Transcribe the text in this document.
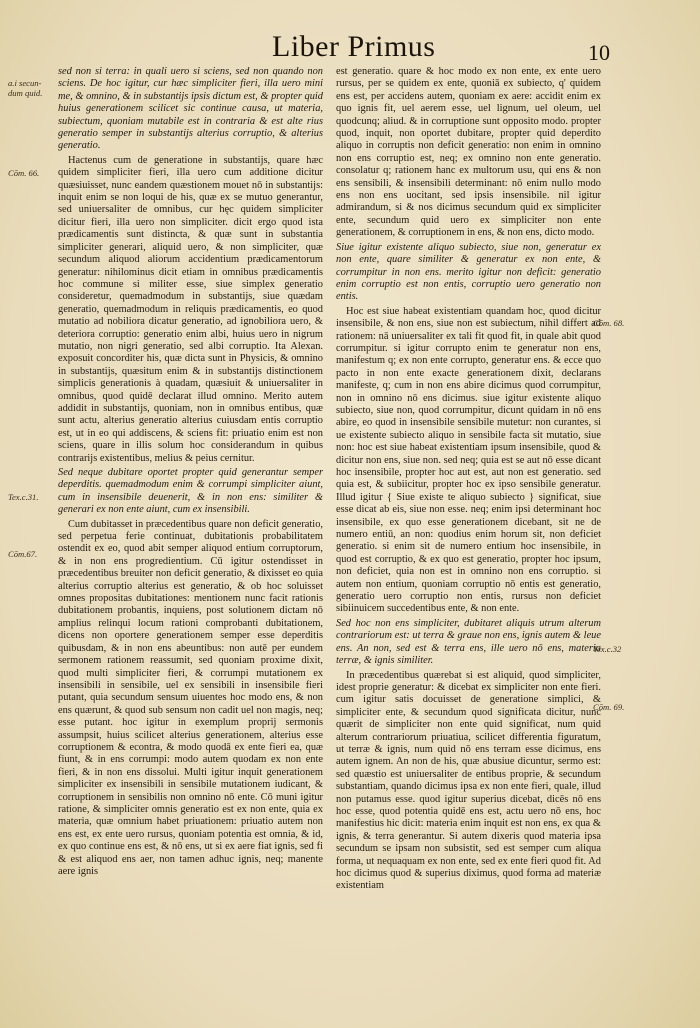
Liber Primus	10
a.i secun-
dum quid.
Cōm. 66.
Tex.c.31.
Cōm.67.
Cōm. 68.
Tex.c.32
Cōm. 69.

sed non si terra: in quali uero si sciens, sed non quando non sciens. De hoc igitur, cur hæc simpliciter fieri, illa uero mini me, & omnino, & in substantijs ipsis dictum est, & propter quid huius generationem scilicet sic continue causa, ut materia, subiectum, quoniam mutabile est in contraria & est alte rius generatio semper in substantijs alterius corruptio, & alterius generatio.

Hactenus cum de generatione in substantijs, quare hæc quidem simpliciter fieri, illa uero cum additione dicitur quæsiuisset, nunc eandem quæstionem mouet nō in substantijs: inquit enim se non loqui de his, quæ ex se mutuo generantur, sed uniuersaliter de omnibus, cur hęc quidem simpliciter dicitur fieri, illa uero non simpliciter. dicit ergo quod ista prædicamentis sunt distincta, & quæ sunt in substantia simpliciter generari, aliquid uero, & non simpliciter, quæ secundum aliquod aliorum accidentium prædicamentorum generatur: nihilominus dicit etiam in omnibus prædicamentis hoc commune si militer esse, siue simplex generatio consideretur, quemadmodum in substantijs, siue quædam generatio, quemadmodum in reliquis prædicamentis, eo quod mutatio ad nobiliora dicatur generatio, ad ignobiliora uero, & deteriora corruptio: generatio enim albi, huius uero in nigrum mutatio, non nigri generatio, sed albi corruptio. Ita Alexan. exposuit concorditer his, quæ dicta sunt in Physicis, & omnino in substantijs, quæsitum enim & in substantijs distinctionem simplicis generationis à quadam, quæsiuit & uniuersaliter in omnibus, quod quidē declarat illud omnino. Merito autem addidit in substantijs, quoniam, non in omnibus entibus, quæ sunt actu, alterius generatio alterius cuiusdam entis corruptio est, ut in eo qui addiscens, & sciens fit: priuatio enim est non sciens, quare in illis solum hoc considerandum in quibus contrarijs existentibus, melius & peius cernitur.

Sed neque dubitare oportet propter quid generantur semper deperditis. quemadmodum enim & corrumpi simpliciter aiunt, cum in insensibile deuenerit, & in non ens: similiter & generari ex non ente aiunt, cum ex insensibili.

Cum dubitasset in præcedentibus quare non deficit generatio, sed perpetua ferie continuat, dubitationis probabilitatem ostendit ex eo, quod abit semper aliquod entium corruptorum, & in non ens progredientium. Cū igitur ostendisset in præcedentibus breuiter non deficit generatio, & dixisset eo quia alterius corruptio alterius est generatio, & ob hoc soluisset omnes propositas dubitationes: mentionem nunc facit rationis dubitationem probantis, inquiens, post solutionem dictam nō amplius relinqui locum rationi comprobanti dubitationem, dicens non oportere generationem semper esse deperditis quibusdam, & in non ens abeuntibus: non autē per eundem sermonem rationem reassumit, sed quoniam proxime dixit, quod multi simpliciter fieri, & corrumpi mutationem ex insensibili in sensibile, uel ex sensibili in insensibile fieri putant, quia secundum sensum uiuentes hoc modo ens, & non ens quærunt, & quod sub sensum non cadit uel non magis, neq; esse putant. hoc igitur in exemplum proprij sermonis assumpsit, huius scilicet alterius generationem, alterius esse corruptionem & econtra, & modo quodā ex ente fieri ea, quæ fiunt, & in ens corrumpi: modo autem quodam ex non ente fieri, & in non ens dissolui. Multi igitur inquit generationem simpliciter ex insensibili in sensibile mutationem iudicant, & corruptionem in sensibilis non omnino nō ente. Cō muni igitur ratione, & simpliciter omnis generatio est ex non ente, quia ex materia, quæ omnium habet priuationem: priuatio autem non ens est, ex ente uero rursus, quoniam potentia est omnia, & id, ex quo continue ens est, & nō ens, ut si ex aere fiat ignis, sed fi & est aliquod ens aer, non tamen adhuc ignis, neq; manente aere ignis

est generatio. quare & hoc modo ex non ente, ex ente uero rursus, per se quidem ex ente, quoniā ex subiecto, q' quidem ens est, per accidens autem, quoniam ex aere: accidit enim ex quo ignis fit, uel aerem esse, uel lignum, uel oleum, uel quodcunq; aliud. & in corruptione sunt opposito modo. propter quod, inquit, non oportet dubitare, propter quid deperdito aliquo in corruptis non deficit generatio: non enim in omnino non ens corruptio est, neq; ex omnino non ente generatio. consolatur q; rationem hanc ex multorum usu, qui ens & non ens sensibili, & insensibili determinant: nō enim nullo modo ens non ens uocitant, sed ipsis insensibile. nil igitur admirandum, si & nos dicimus secundum quid ex simpliciter ente, secundum quid uero ex simpliciter non ente generationem, & corruptionem in ens, & non ens, dicto modo.

Siue igitur existente aliquo subiecto, siue non, generatur ex non ente, quare similiter & generatur ex non ente, & corrumpitur in non ens. merito igitur non deficit: generatio enim corruptio est non entis, corruptio uero generatio non entis.

Hoc est siue habeat existentiam quandam hoc, quod dicitur insensibile, & non ens, siue non est subiectum, nihil differt ad rationem: nā uniuersaliter ex tali fit quod fit, in quale abit quod corrumpitur. si igitur corrupto enim te generatur non ens, manifestum q; ex non ente corrupto, generatur ens. & ecce quo pacto in non ente exacte generationem dixit, declarans manifeste, q; cum in non ens abire dicimus quod corrumpitur, non in omnino nō ens dicimus. siue igitur existente aliquo subiecto, siue non, quod corrumpitur, dicunt quidam in nō ens abire, eo quod in insensibile sensibile mutetur: non curantes, si ue existente subiecto aliquo in sensibile facta sit mutatio, siue non: hoc est siue habeat existentiam ipsum insensibile, quod & dicitur non ens, siue non. sed neq; quia est se aut nō esse dicant hoc insensibile, propter hoc aut est, aut non est generatio. sed quia est, & subiicitur, propter hoc ex ipso sensibile generatur. Illud igitur { Siue existe te aliquo subiecto } significat, siue esse dicat ab eis, siue non esse. neq; enim ipsi determinant hoc insensibile, ex quo esse generationem dicebant, sit ne de numero entiū, an non: quodius enim horum sit, non deficiet generatio. si enim sit de numero entium hoc insensibile, in quod est corruptio, & ex quo est generatio, propter hoc ipsum, non deficiet, quia non est in omnino non ens corruptio. si autem non entium, quoniam corruptio nō entis est generatio, generatio uero corruptio non entis, rursus non deficiet sibiinuicem succedentibus ente, & non ente.

Sed hoc non ens simpliciter, dubitaret aliquis utrum alterum contrariorum est: ut terra & graue non ens, ignis autem & leue ens. An non, sed est & terra ens, ille uero nō ens, materia terræ, & ignis similiter.

In præcedentibus quærebat si est aliquid, quod simpliciter, idest proprie generatur: & dicebat ex simpliciter non ente fieri. cum igitur satis docuisset de generatione simplici, & simpliciter ente, & secundum quod significata dicitur, nunc quærit de simpliciter non ente quid significat, num quid alterum contrariorum priuatiua, scilicet differentia figuratum, ut terræ & ignis, num quid nō ens terram esse dicimus, ens autem ignem. An non de his, quæ abusiue dicuntur, sermo est: sed quæstio est uniuersaliter de entibus proprie, & secundum substantiam, quando dicimus ipsa ex non ente fieri, quale, illud non putamus esse. quod igitur superius dicebat, dicēs nō ens hoc esse, quod potentia quidē ens est, actu uero nō ens, hoc manifestius hic dicit: materia enim inquit est non ens, ex qua & ignis, & terra generantur. Si autem dixeris quod materia ipsa secundum se ipsam non subsistit, sed est semper cum aliqua forma, ut nequaquam ex non ente, sed ex ente fieri quod fit. Ad hoc dicimus quod & superius diximus, quod forma ad materiæ existentiam
